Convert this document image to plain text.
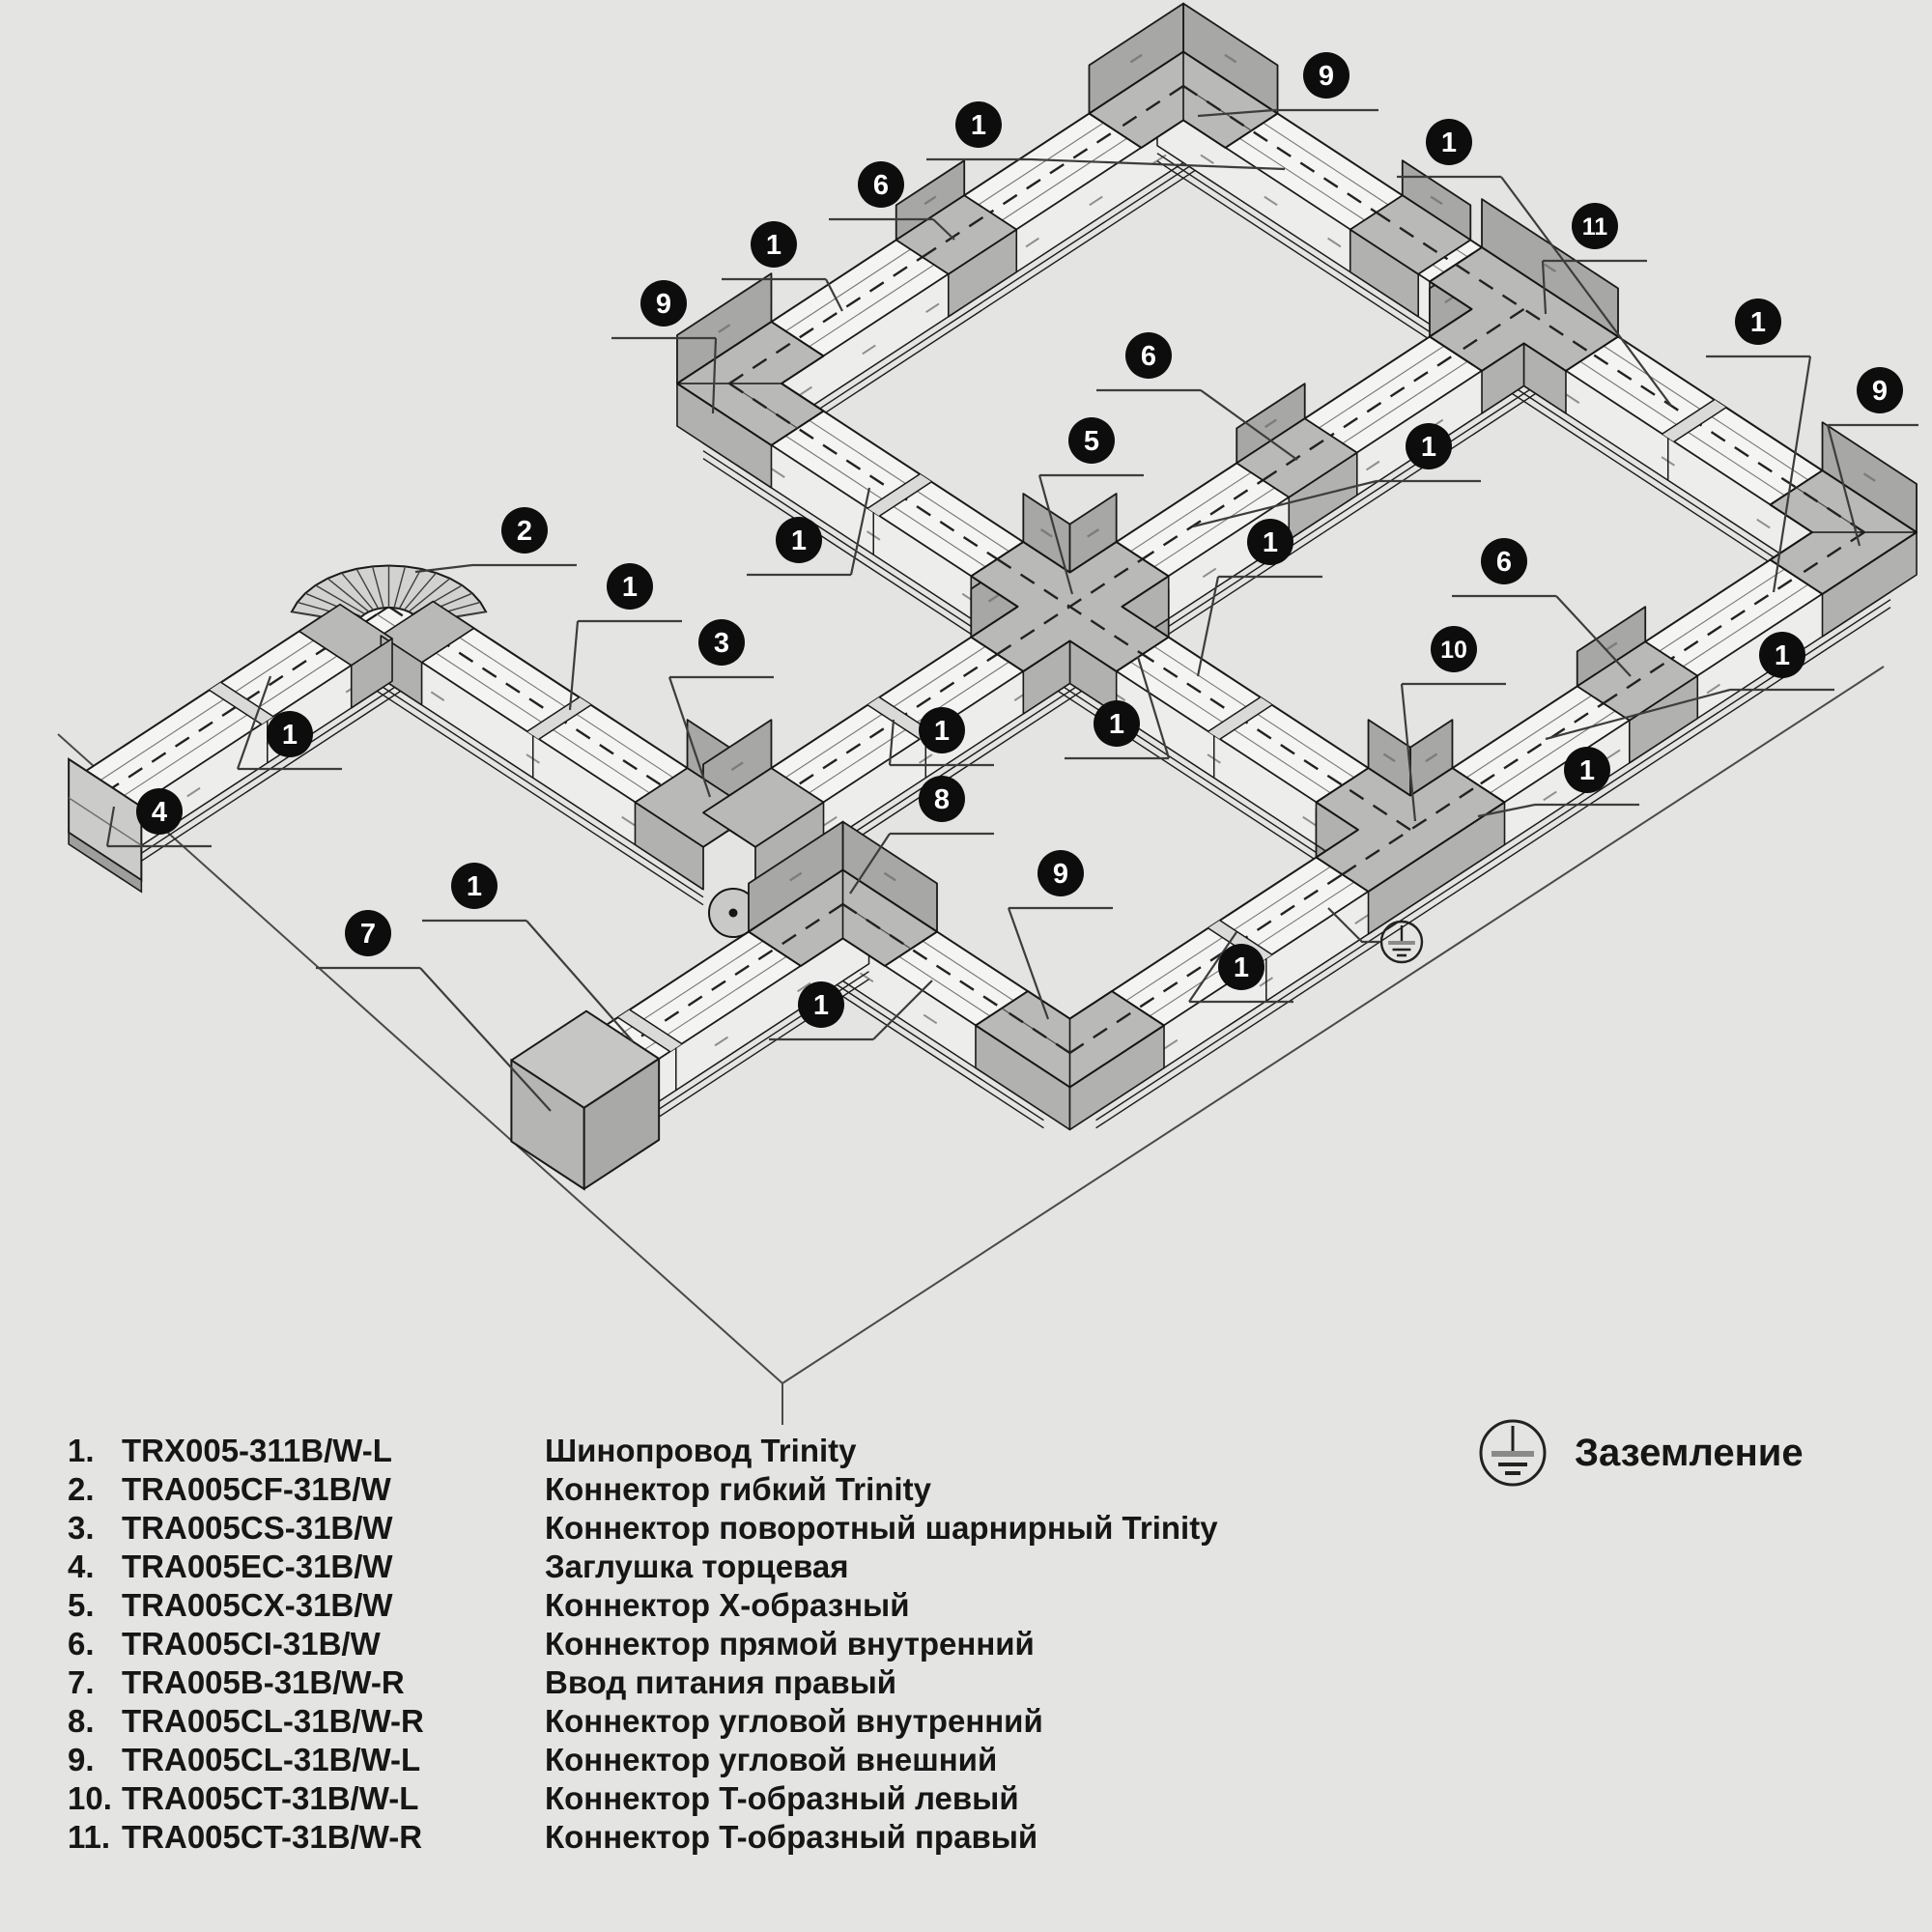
9
1
1
6
11
1
9
1
9
6
5	1
1
2	1
6
1
3	10	1
1	1	1
1
4	8
1	9
7
1
1
1. TRX005-311B/W-L	Шинопровод Trinity
2. TRA005CF-31B/W	Коннектор гибкий Trinity
3. TRA005CS-31B/W	Коннектор поворотный шарнирный Trinity
4. TRA005EC-31B/W	Заглушка торцевая
5. TRA005CX-31B/W	Коннектор X-образный
6. TRA005CI-31B/W	Коннектор прямой внутренний
7. TRA005B-31B/W-R	Ввод питания правый
8. TRA005CL-31B/W-R	Коннектор угловой внутренний
9. TRA005CL-31B/W-L	Коннектор угловой внешний
10. TRA005CT-31B/W-L	Коннектор T-образный левый
11. TRA005CT-31B/W-R	Коннектор T-образный правый
Заземление
